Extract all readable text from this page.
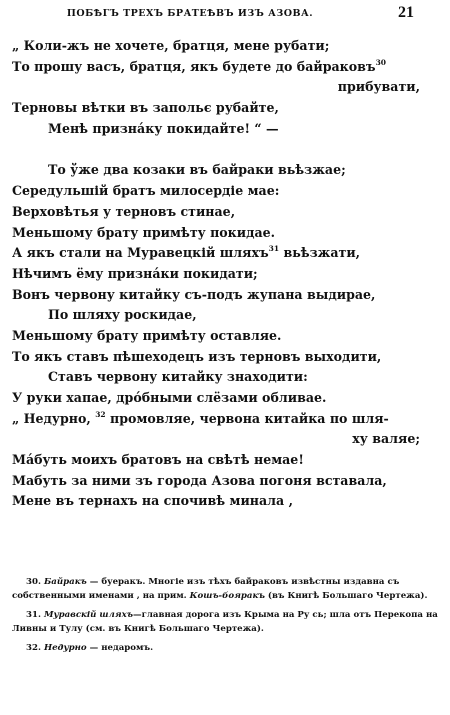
ПОБѢГЪ ТРЕХЪ БРАТЕѢВЪ ИЗЪ АЗОВА.	21
„ Коли-жъ не хочете, братця, мене рубати;
То прошу васъ, братця, якъ будете до байраковъ$^{30}$
прибувати,
Терновы вѣтки въ запольє рубайте,
Менѣ признáку покидайте! “ —
То ўже два козаки въ байраки вьѣзжае;
Середульшій братъ милосердіе мае:
Верховѣтья у терновъ стинае,
Меньшому брату примѣту покидае.
А якъ стали на Муравецкій шляхъ$^{31}$ вьѣзжати,
Нѣчимъ ёму признáки покидати;
Вонъ червону китайку съ-подъ жупана выдирае,
По шляху роскидае,
Меньшому брату примѣту оставляе.
То якъ ставъ пѣшеходецъ изъ терновъ выходити,
Ставъ червону китайку знаходити:
У руки хапае, дрóбными слёзами обливае.
„ Недурно, $^{32}$ промовляе, червона китайка по шля-
ху валяе;
Мáбуть моихъ братовъ на свѣтѣ немае!
Мабуть за ними зъ города Азова погоня вставала,
Мене въ тернахъ на спочивѣ минала ,

30. Байракъ — буеракъ. Многіе изъ тѣхъ байраковъ извѣстны издавна съ собственными именами , на прим. Кошъ-бояракъ (въ Книгѣ Большаго Чертежа).

31. Муравскій шляхъ—главная дорога изъ Крыма на Ру сь; шла отъ Перекопа на Ливны и Тулу (см. въ Книгѣ Большаго Чертежа).

32. Недурно — недаромъ.
